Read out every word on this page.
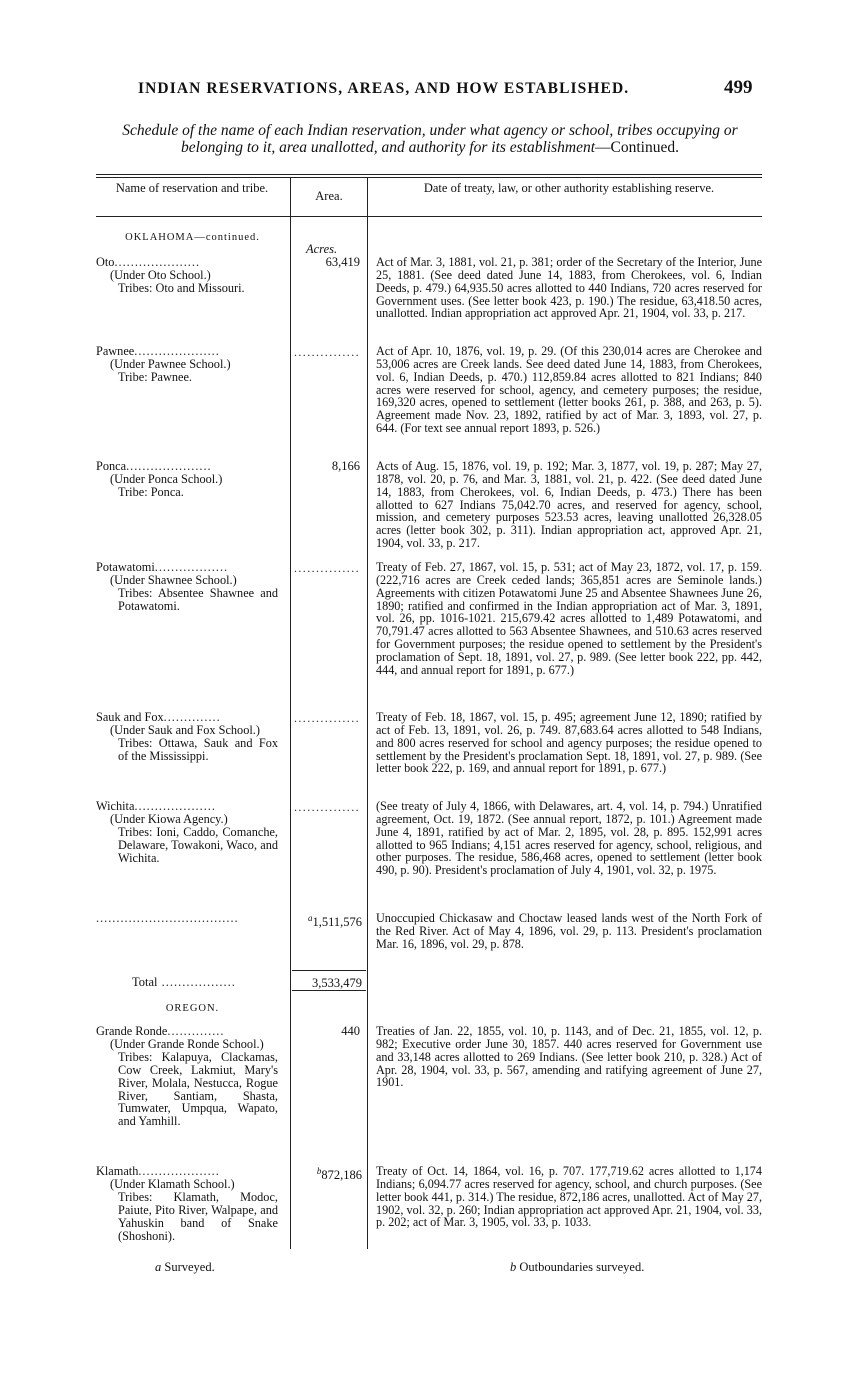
INDIAN RESERVATIONS, AREAS, AND HOW ESTABLISHED.	499
Schedule of the name of each Indian reservation, under what agency or school, tribes occupying or belonging to it, area unallotted, and authority for its establishment—Continued.
Name of reservation and tribe.
Area.
Date of treaty, law, or other authority establishing reserve.
OKLAHOMA—continued.
Acres.
Oto.....................
(Under Oto School.)
Tribes: Oto and Missouri.
63,419 Act of Mar. 3, 1881, vol. 21, p. 381; order of the Secretary of the Interior, June 25, 1881. (See deed dated June 14, 1883, from Cherokees, vol. 6, Indian Deeds, p. 479.) 64,935.50 acres allotted to 440 Indians, 720 acres reserved for Government uses. (See letter book 423, p. 190.) The residue, 63,418.50 acres, unallotted. Indian appropriation act approved Apr. 21, 1904, vol. 33, p. 217.
Pawnee.....................
(Under Pawnee School.)
Tribe: Pawnee.
...............	Act of Apr. 10, 1876, vol. 19, p. 29. (Of this 230,014 acres are Cherokee and 53,006 acres are Creek lands. See deed dated June 14, 1883, from Cherokees, vol. 6, Indian Deeds, p. 470.) 112,859.84 acres allotted to 821 Indians; 840 acres were reserved for school, agency, and cemetery purposes; the residue, 169,320 acres, opened to settlement (letter books 261, p. 388, and 263, p. 5). Agreement made Nov. 23, 1892, ratified by act of Mar. 3, 1893, vol. 27, p. 644. (For text see annual report 1893, p. 526.)
Ponca.....................
(Under Ponca School.)
Tribe: Ponca.
8,166 Acts of Aug. 15, 1876, vol. 19, p. 192; Mar. 3, 1877, vol. 19, p. 287; May 27, 1878, vol. 20, p. 76, and Mar. 3, 1881, vol. 21, p. 422. (See deed dated June 14, 1883, from Cherokees, vol. 6, Indian Deeds, p. 473.) There has been allotted to 627 Indians 75,042.70 acres, and reserved for agency, school, mission, and cemetery purposes 523.53 acres, leaving unallotted 26,328.05 acres (letter book 302, p. 311). Indian appropriation act, approved Apr. 21, 1904, vol. 33, p. 217.
Potawatomi..................
(Under Shawnee School.)
Tribes: Absentee Shawnee and Potawatomi.
...............	Treaty of Feb. 27, 1867, vol. 15, p. 531; act of May 23, 1872, vol. 17, p. 159. (222,716 acres are Creek ceded lands; 365,851 acres are Seminole lands.) Agreements with citizen Potawatomi June 25 and Absentee Shawnees June 26, 1890; ratified and confirmed in the Indian appropriation act of Mar. 3, 1891, vol. 26, pp. 1016-1021. 215,679.42 acres allotted to 1,489 Potawatomi, and 70,791.47 acres allotted to 563 Absentee Shawnees, and 510.63 acres reserved for Government purposes; the residue opened to settlement by the President's proclamation of Sept. 18, 1891, vol. 27, p. 989. (See letter book 222, pp. 442, 444, and annual report for 1891, p. 677.)
Sauk and Fox..............
(Under Sauk and Fox School.)
Tribes: Ottawa, Sauk and Fox of the Mississippi.
...............	Treaty of Feb. 18, 1867, vol. 15, p. 495; agreement June 12, 1890; ratified by act of Feb. 13, 1891, vol. 26, p. 749. 87,683.64 acres allotted to 548 Indians, and 800 acres reserved for school and agency purposes; the residue opened to settlement by the President's proclamation Sept. 18, 1891, vol. 27, p. 989. (See letter book 222, p. 169, and annual report for 1891, p. 677.)
Wichita....................
(Under Kiowa Agency.)
Tribes: Ioni, Caddo, Comanche, Delaware, Towakoni, Waco, and Wichita.
...............	(See treaty of July 4, 1866, with Delawares, art. 4, vol. 14, p. 794.) Unratified agreement, Oct. 19, 1872. (See annual report, 1872, p. 101.) Agreement made June 4, 1891, ratified by act of Mar. 2, 1895, vol. 28, p. 895. 152,991 acres allotted to 965 Indians; 4,151 acres reserved for agency, school, religious, and other purposes. The residue, 586,468 acres, opened to settlement (letter book 490, p. 90). President's proclamation of July 4, 1901, vol. 32, p. 1975.
...................................	$^a$1,511,576 Unoccupied Chickasaw and Choctaw leased lands west of the North Fork of the Red River. Act of May 4, 1896, vol. 29, p. 113. President's proclamation Mar. 16, 1896, vol. 29, p. 878.
Total ..................	3,533,479
OREGON.
Grande Ronde..............
(Under Grande Ronde School.)
Tribes: Kalapuya, Clackamas, Cow Creek, Lakmiut, Mary's River, Molala, Nestucca, Rogue River, Santiam, Shasta, Tumwater, Umpqua, Wapato, and Yamhill.
440 Treaties of Jan. 22, 1855, vol. 10, p. 1143, and of Dec. 21, 1855, vol. 12, p. 982; Executive order June 30, 1857. 440 acres reserved for Government use and 33,148 acres allotted to 269 Indians. (See letter book 210, p. 328.) Act of Apr. 28, 1904, vol. 33, p. 567, amending and ratifying agreement of June 27, 1901.
Klamath....................
(Under Klamath School.)
Tribes: Klamath, Modoc, Paiute, Pito River, Walpape, and Yahuskin band of Snake (Shoshoni).
$^b$872,186 Treaty of Oct. 14, 1864, vol. 16, p. 707. 177,719.62 acres allotted to 1,174 Indians; 6,094.77 acres reserved for agency, school, and church purposes. (See letter book 441, p. 314.) The residue, 872,186 acres, unallotted. Act of May 27, 1902, vol. 32, p. 260; Indian appropriation act approved Apr. 21, 1904, vol. 33, p. 202; act of Mar. 3, 1905, vol. 33, p. 1033.
a Surveyed.	b Outboundaries surveyed.
